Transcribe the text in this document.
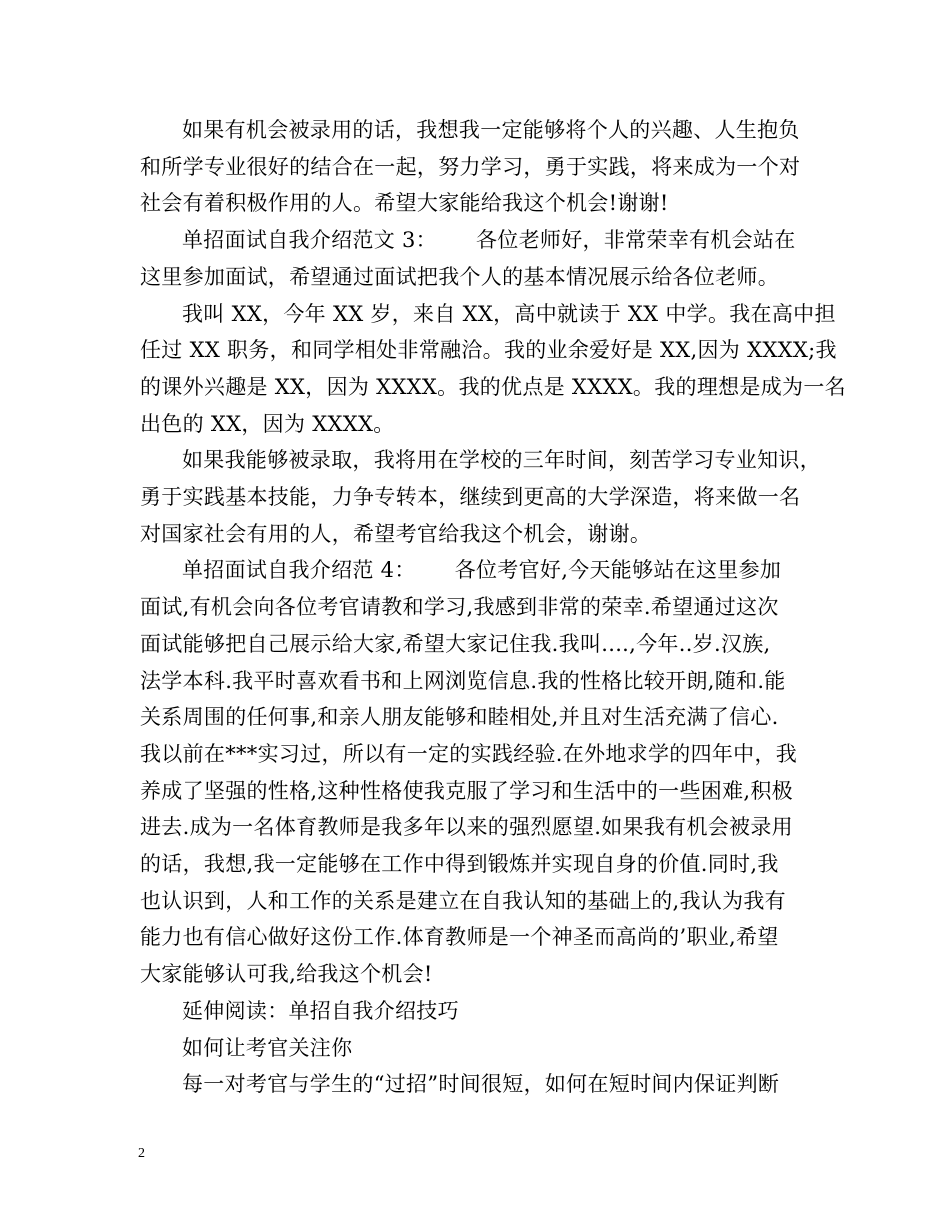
如果有机会被录用的话，我想我一定能够将个人的兴趣、人生抱负
和所学专业很好的结合在一起，努力学习，勇于实践，将来成为一个对
社会有着积极作用的人。希望大家能给我这个机会!谢谢!

单招面试自我介绍范文 3：　　 各位老师好，非常荣幸有机会站在
这里参加面试，希望通过面试把我个人的基本情况展示给各位老师。

我叫 XX，今年 XX 岁，来自 XX，高中就读于 XX 中学。我在高中担
任过 XX 职务，和同学相处非常融洽。我的业余爱好是 XX,因为 XXXX;我
的课外兴趣是 XX，因为 XXXX。我的优点是 XXXX。我的理想是成为一名
出色的 XX，因为 XXXX。

如果我能够被录取，我将用在学校的三年时间，刻苦学习专业知识，
勇于实践基本技能，力争专转本，继续到更高的大学深造，将来做一名
对国家社会有用的人，希望考官给我这个机会，谢谢。

单招面试自我介绍范 4：　　 各位考官好,今天能够站在这里参加
面试,有机会向各位考官请教和学习,我感到非常的荣幸.希望通过这次
面试能够把自己展示给大家,希望大家记住我.我叫....,今年..岁.汉族,
法学本科.我平时喜欢看书和上网浏览信息.我的性格比较开朗,随和.能
关系周围的任何事,和亲人朋友能够和睦相处,并且对生活充满了信心.
我以前在***实习过，所以有一定的实践经验.在外地求学的四年中，我
养成了坚强的性格,这种性格使我克服了学习和生活中的一些困难,积极
进去.成为一名体育教师是我多年以来的强烈愿望.如果我有机会被录用
的话，我想,我一定能够在工作中得到锻炼并实现自身的价值.同时,我
也认识到，人和工作的关系是建立在自我认知的基础上的,我认为我有
能力也有信心做好这份工作.体育教师是一个神圣而高尚的’职业,希望
大家能够认可我,给我这个机会!

延伸阅读：单招自我介绍技巧

如何让考官关注你

每一对考官与学生的“过招”时间很短，如何在短时间内保证判断

2
